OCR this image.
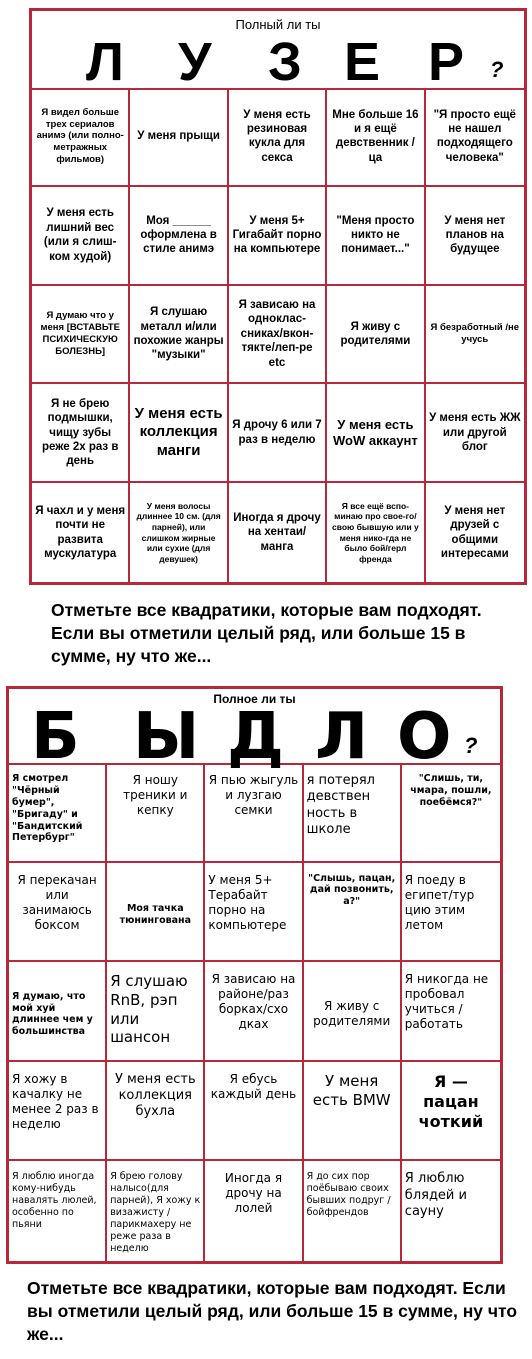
Полный ли ты
Л У З Е Р ?
Я видел больше трех сериалов анимэ (или полно-метражных фильмов)
У меня прыщи
У меня есть резиновая кукла для секса
Мне больше 16 и я ещё девственник /ца
"Я просто ещё не нашел подходящего человека"
У меня есть лишний вес (или я слиш-ком худой)
Моя ______ оформлена в стиле анимэ
У меня 5+ Гигабайт порно на компьютере
"Меня просто никто не понимает..."
У меня нет планов на будущее
Я думаю что у меня [ВСТАВЬТЕ ПСИХИЧЕСКУЮ БОЛЕЗНЬ]
Я слушаю металл и/или похожие жанры "музыки"
Я зависаю на одноклас-сниках/вкон-тякте/леп-ре etc
Я живу с родителями
Я безработный /не учусь
Я не брею подмышки, чищу зубы реже 2х раз в день
У меня есть коллекция манги
Я дрочу 6 или 7 раз в неделю
У меня есть WoW аккаунт
У меня есть ЖЖ или другой блог
Я чахл и у меня почти не развита мускулатура
У меня волосы длиннее 10 см. (для парней), или слишком жирные или сухие (для девушек)
Иногда я дрочу на хентаи/манга
Я все ещё вспо-минаю про свое-го/свою бывшую или у меня нико-гда не было бой/герл френда
У меня нет друзей с общими интересами
Отметьте все квадратики, которые вам подходят. Если вы отметили целый ряд, или больше 15 в сумме, ну что же...
Полное ли ты
Б Ы Д Л О ?
Я смотрел "Чёрный бумер", "Бригаду" и "Бандитский Петербург"
Я ношу треники и кепку
Я пью жыгуль и лузгаю семки
я потерял девствен ность в школе
"Слишь, ти, чмара, пошли, поебёмся?"
Я перекачан или занимаюсь боксом
Моя тачка тюнингована
У меня 5+ Терабайт порно на компьютере
"Слышь, пацан, дай позвонить, а?"
Я поеду в египет/тур цию этим летом
Я думаю, что мой хуй длиннее чем у большинства
Я слушаю RnB, рэп или шансон
Я зависаю на районе/раз борках/схо дках
Я живу с родителями
Я никогда не пробовал учиться / работать
Я хожу в качалку не менее 2 раз в неделю
У меня есть коллекция бухла
Я ебусь каждый день
У меня есть BMW
Я — пацан чоткий
Я люблю иногда кому-нибудь навалять люлей, особенно по пьяни
Я брею голову налысо(для парней), Я хожу к визажисту /парикмахеру не реже раза в неделю
Иногда я дрочу на лолей
Я до сих пор поёбываю своих бывших подруг / бойфрендов
Я люблю блядей и сауну
Отметьте все квадратики, которые вам подходят. Если вы отметили целый ряд, или больше 15 в сумме, ну что же...
